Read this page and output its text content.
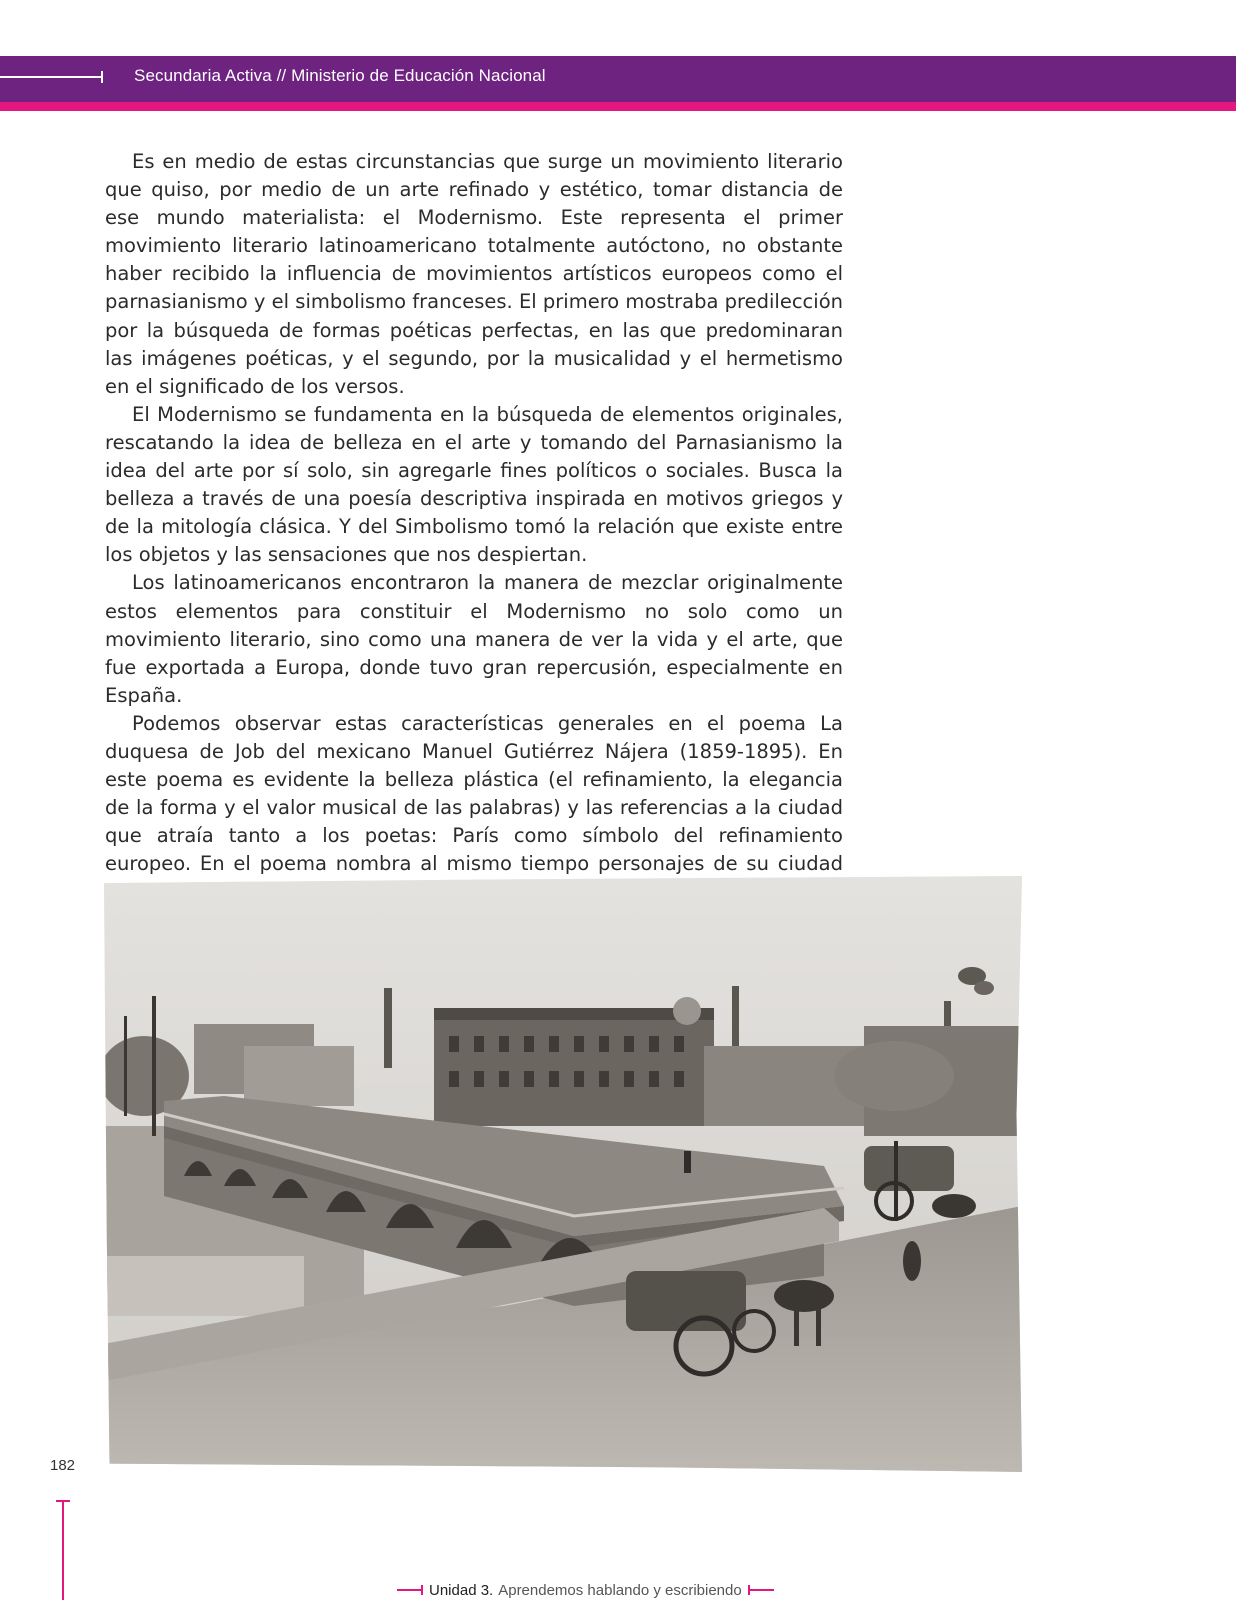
Secundaria Activa // Ministerio de Educación Nacional

Es en medio de estas circunstancias que surge un movimiento literario que quiso, por medio de un arte refinado y estético, tomar distancia de ese mundo materialista: el Modernismo. Este representa el primer movimiento literario latinoamericano totalmente autóctono, no obstante haber recibido la influencia de movimientos artísticos europeos como el parnasianismo y el simbolismo franceses. El primero mostraba predilección por la búsqueda de formas poéticas perfectas, en las que predominaran las imágenes poéticas, y el segundo, por la musicalidad y el hermetismo en el significado de los versos.

El Modernismo se fundamenta en la búsqueda de elementos originales, rescatando la idea de belleza en el arte y tomando del Parnasianismo la idea del arte por sí solo, sin agregarle fines políticos o sociales. Busca la belleza a través de una poesía descriptiva inspirada en motivos griegos y de la mitología clásica. Y del Simbolismo tomó la relación que existe entre los objetos y las sensaciones que nos despiertan.

Los latinoamericanos encontraron la manera de mezclar originalmente estos elementos para constituir el Modernismo no solo como un movimiento literario, sino como una manera de ver la vida y el arte, que fue exportada a Europa, donde tuvo gran repercusión, especialmente en España.

Podemos observar estas características generales en el poema La duquesa de Job del mexicano Manuel Gutiérrez Nájera (1859-1895). En este poema es evidente la belleza plástica (el refinamiento, la elegancia de la forma y el valor musical de las palabras) y las referencias a la ciudad que atraía tanto a los poetas: París como símbolo del refinamiento europeo. En el poema nombra al mismo tiempo personajes de su ciudad

182
Unidad 3. Aprendemos hablando y escribiendo
